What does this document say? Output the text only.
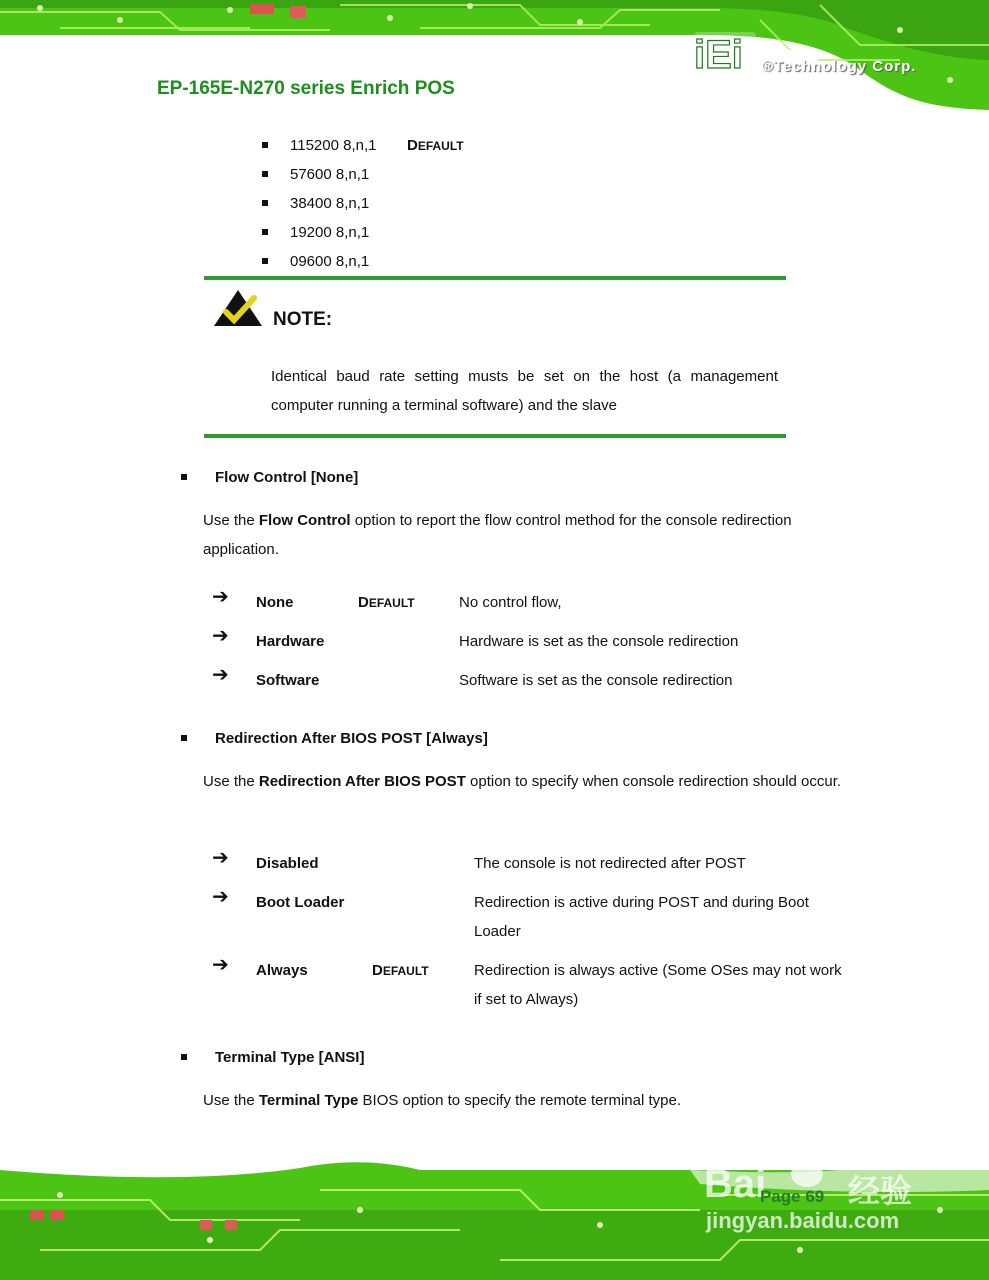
iEi ®Technology Corp.
EP-165E-N270 series Enrich POS
115200 8,n,1 DEFAULT
57600 8,n,1
38400 8,n,1
19200 8,n,1
09600 8,n,1
NOTE:
Identical baud rate setting musts be set on the host (a management computer running a terminal software) and the slave
Flow Control [None]
Use the Flow Control option to report the flow control method for the console redirection application.
➔ None	DEFAULT	No control flow,
➔ Hardware	Hardware is set as the console redirection
➔ Software	Software is set as the console redirection
Redirection After BIOS POST [Always]
Use the Redirection After BIOS POST option to specify when console redirection should occur.
➔ Disabled	The console is not redirected after POST
➔ Boot Loader	Redirection is active during POST and during Boot Loader
➔ Always	DEFAULT	Redirection is always active (Some OSes may not work if set to Always)
Terminal Type [ANSI]
Use the Terminal Type BIOS option to specify the remote terminal type.
Bai	经验
jingyan.baidu.com
Page 69
